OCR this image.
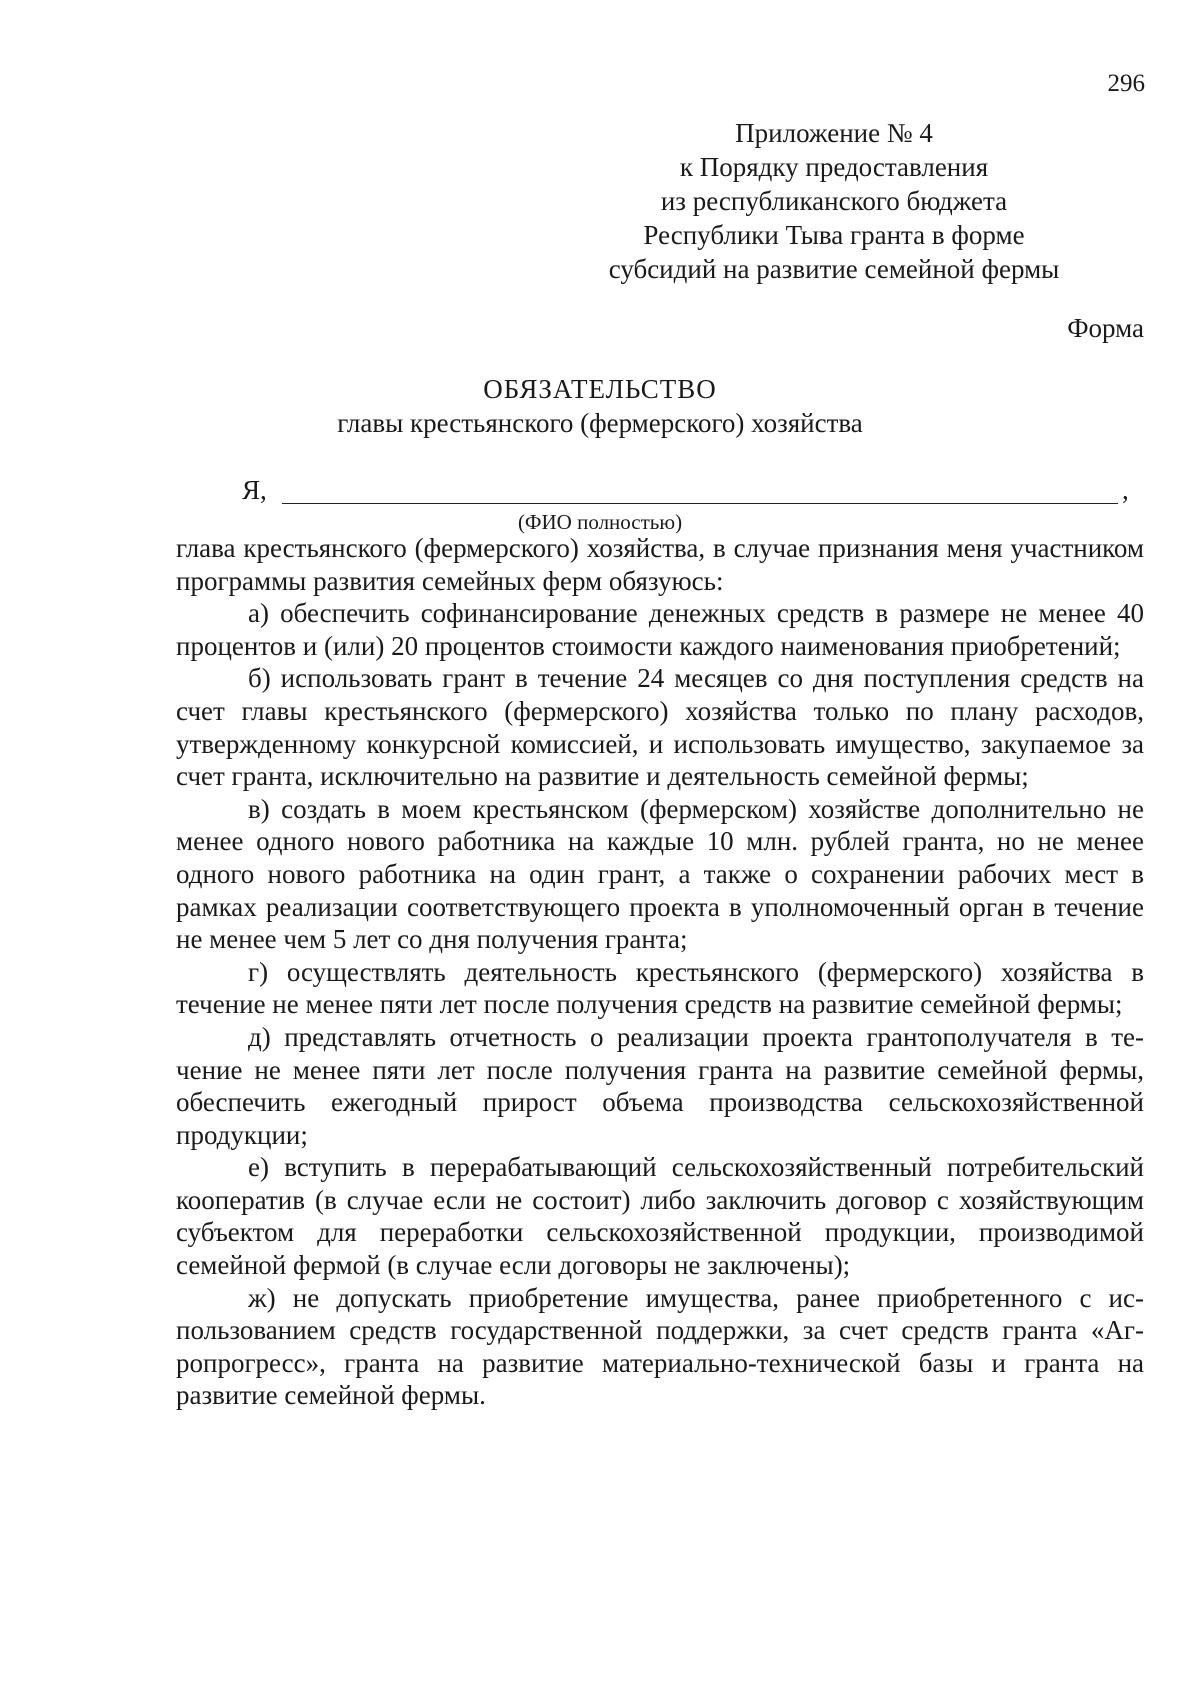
296
Приложение № 4
к Порядку предоставления
из республиканского бюджета
Республики Тыва гранта в форме
субсидий на развитие семейной фермы
Форма
ОБЯЗАТЕЛЬСТВО
главы крестьянского (фермерского) хозяйства
Я,	,
(ФИО полностью)

глава крестьянского (фермерского) хозяйства, в случае признания меня участником программы развития семейных ферм обязуюсь:

а) обеспечить софинансирование денежных средств в размере не менее 40 процентов и (или) 20 процентов стоимости каждого наименования приобретений;

б) использовать грант в течение 24 месяцев со дня поступления средств на счет главы крестьянского (фермерского) хозяйства только по плану расходов, утвержденному конкурсной комиссией, и использовать имущество, закупаемое за счет гранта, исключительно на развитие и деятельность семейной фермы;

в) создать в моем крестьянском (фермерском) хозяйстве дополнительно не менее одного нового работника на каждые 10 млн. рублей гранта, но не менее одного нового работника на один грант, а также о сохранении рабочих мест в рамках реализации соответствующего проекта в уполномоченный орган в течение не менее чем 5 лет со дня получения гранта;

г) осуществлять деятельность крестьянского (фермерского) хозяйства в течение не менее пяти лет после получения средств на развитие семейной фермы;

д) представлять отчетность о реализации проекта грантополучателя в течение не менее пяти лет после получения гранта на развитие семейной фермы, обеспечить ежегодный прирост объема производства сельскохозяйственной продукции;

е) вступить в перерабатывающий сельскохозяйственный потребительский кооператив (в случае если не состоит) либо заключить договор с хозяйствующим субъектом для переработки сельскохозяйственной продукции, производимой семейной фермой (в случае если договоры не заключены);

ж) не допускать приобретение имущества, ранее приобретенного с использованием средств государственной поддержки, за счет средств гранта «Агропрогресс», гранта на развитие материально-технической базы и гранта на развитие семейной фермы.
